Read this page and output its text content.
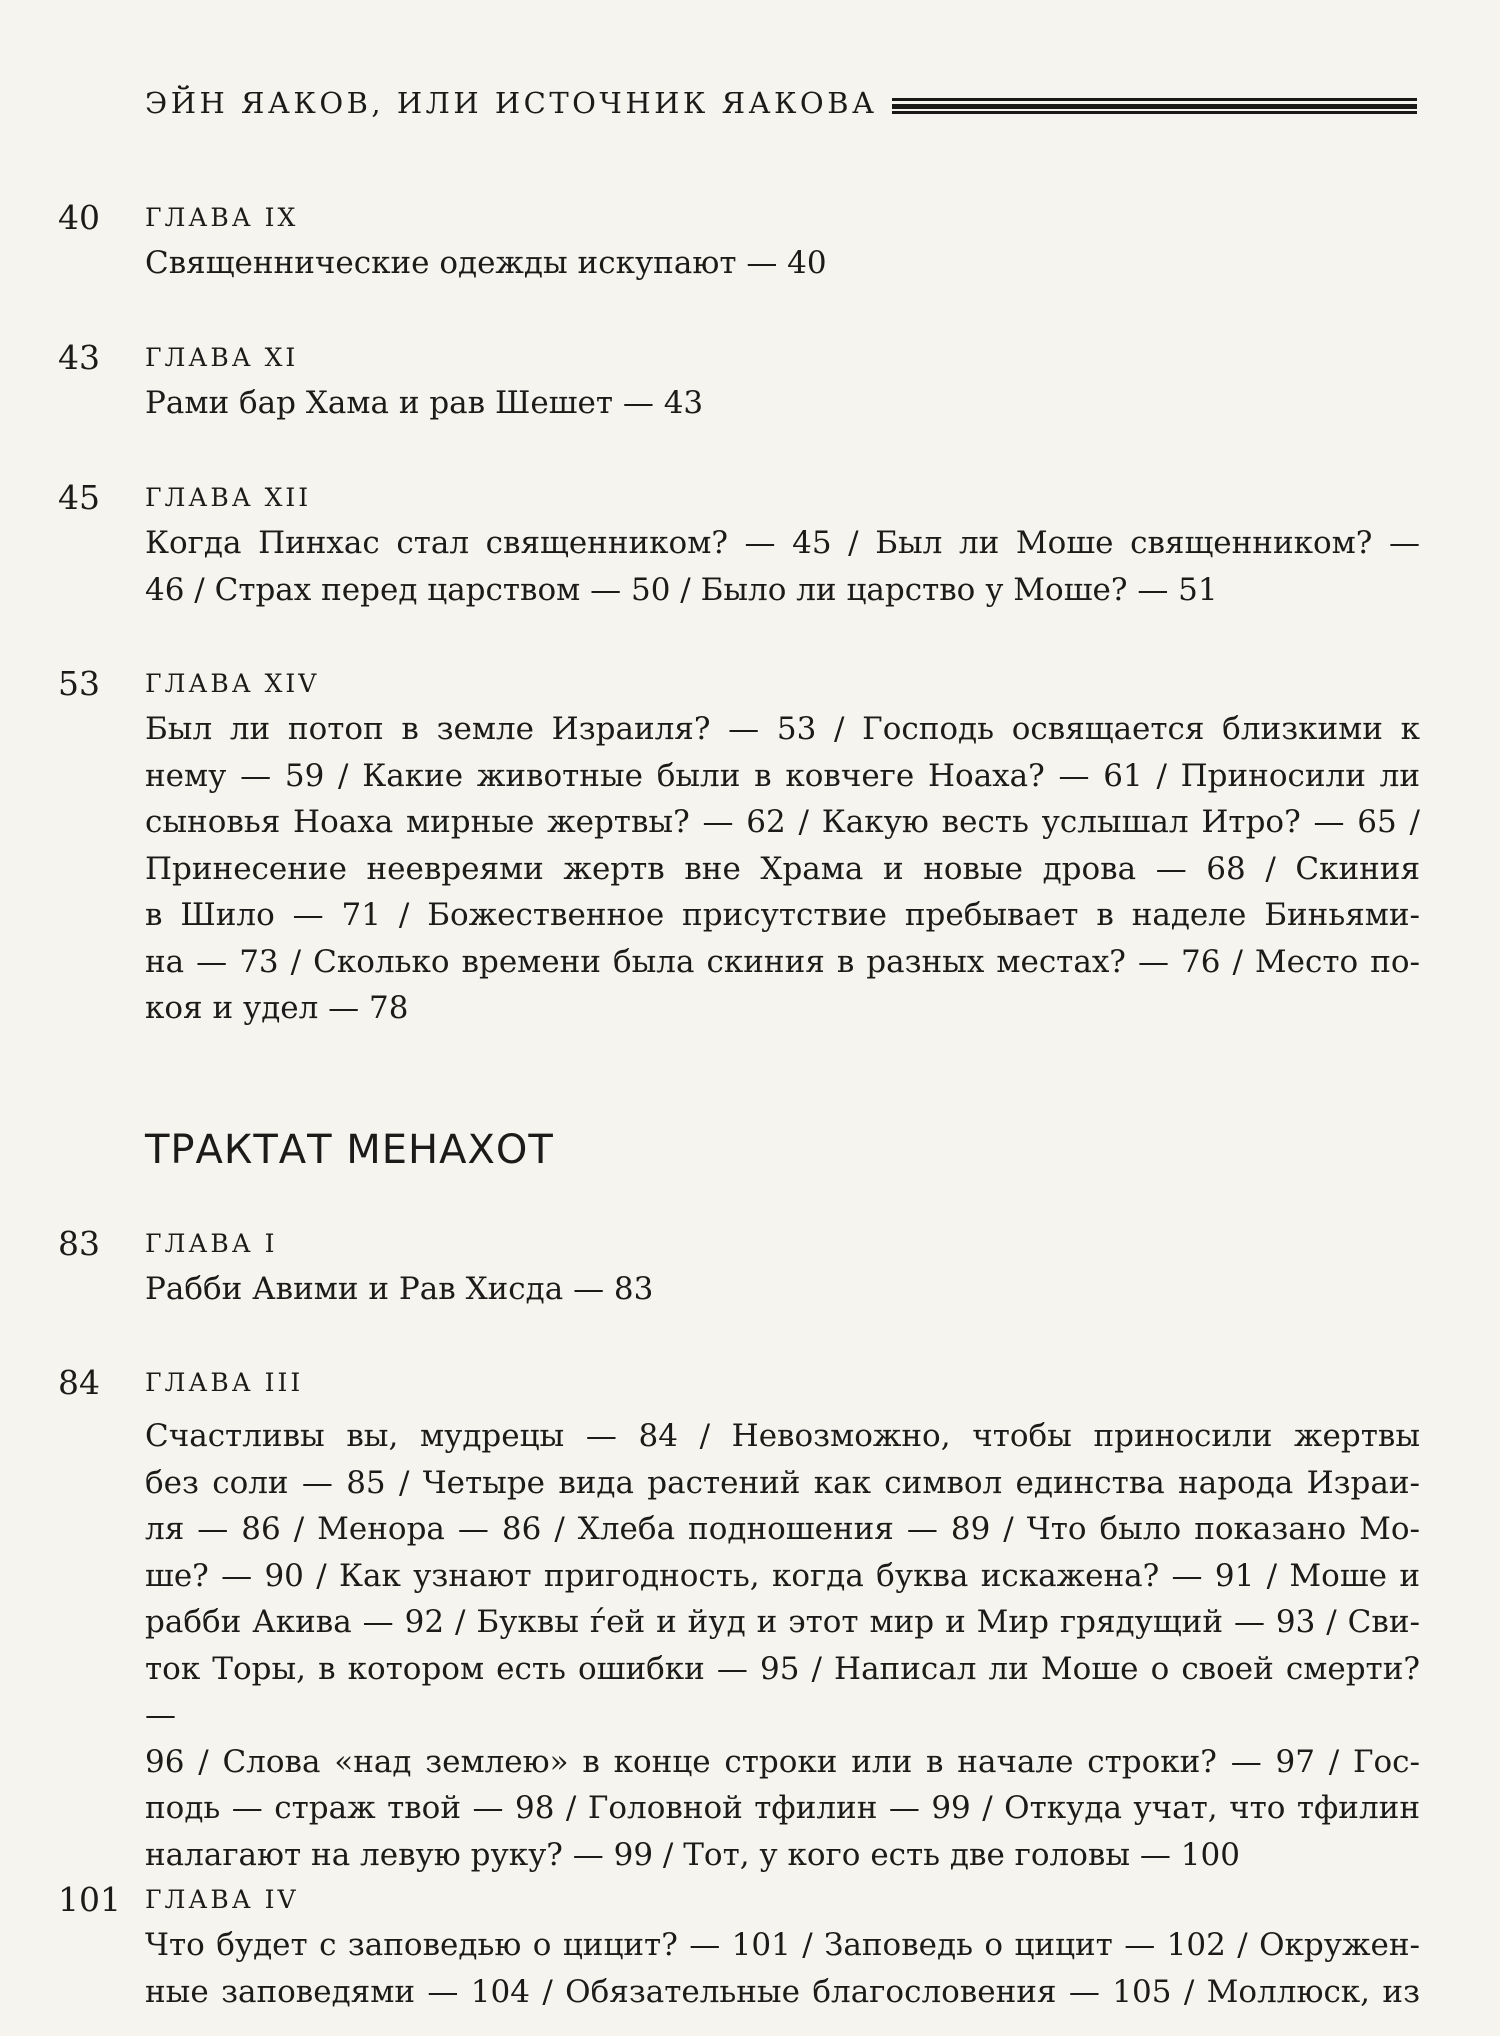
ЭЙН ЯАКОВ, ИЛИ ИСТОЧНИК ЯАКОВА
40 ГЛАВА IX
Священнические одежды искупают — 40
43 ГЛАВА XI
Рами бар Хама и рав Шешет — 43
45 ГЛАВА XII
Когда Пинхас стал священником? — 45 / Был ли Моше священником? —
46 / Страх перед царством — 50 / Было ли царство у Моше? — 51
53 ГЛАВА XIV
Был ли потоп в земле Израиля? — 53 / Господь освящается близкими к
нему — 59 / Какие животные были в ковчеге Ноаха? — 61 / Приносили ли
сыновья Ноаха мирные жертвы? — 62 / Какую весть услышал Итро? — 65 /
Принесение неевреями жертв вне Храма и новые дрова — 68 / Скиния
в Шило — 71 / Божественное присутствие пребывает в наделе Биньями-
на — 73 / Сколько времени была скиния в разных местах? — 76 / Место по-
коя и удел — 78
ТРАКТАТ МЕНАХОТ
83 ГЛАВА I
Рабби Авими и Рав Хисда — 83
84 ГЛАВА III
Счастливы вы, мудрецы — 84 / Невозможно, чтобы приносили жертвы
без соли — 85 / Четыре вида растений как символ единства народа Израи-
ля — 86 / Менора — 86 / Хлеба подношения — 89 / Что было показано Мо-
ше? — 90 / Как узнают пригодность, когда буква искажена? — 91 / Моше и
рабби Акива — 92 / Буквы ѓей и йуд и этот мир и Мир грядущий — 93 / Сви-
ток Торы, в котором есть ошибки — 95 / Написал ли Моше о своей смерти? —
96 / Слова «над землею» в конце строки или в начале строки? — 97 / Гос-
подь — страж твой — 98 / Головной тфилин — 99 / Откуда учат, что тфилин
налагают на левую руку? — 99 / Тот, у кого есть две головы — 100
101 ГЛАВА IV
Что будет с заповедью о цицит? — 101 / Заповедь о цицит — 102 / Окружен-
ные заповедями — 104 / Обязательные благословения — 105 / Моллюск, из
